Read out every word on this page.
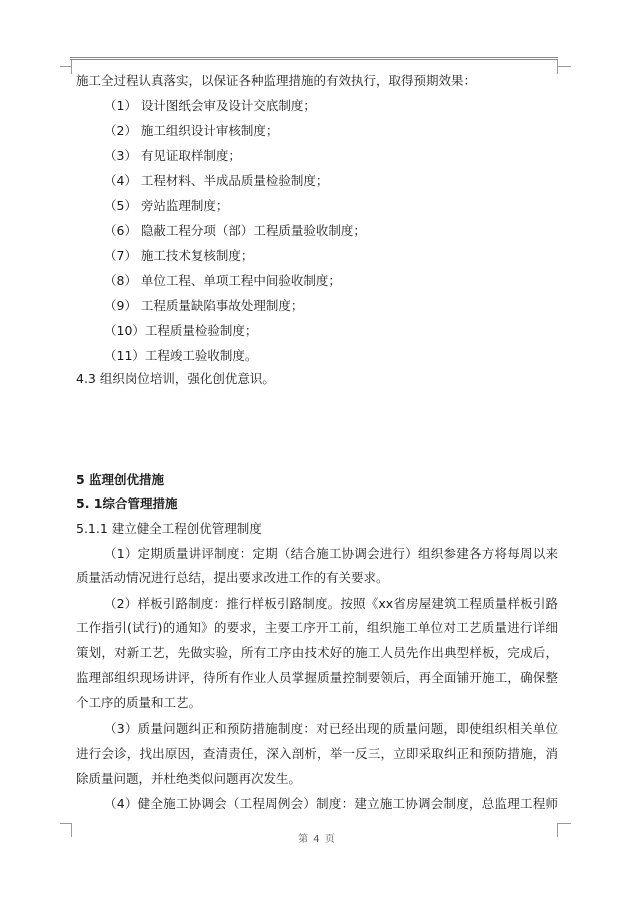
施工全过程认真落实，以保证各种监理措施的有效执行，取得预期效果：
（1） 设计图纸会审及设计交底制度；
（2） 施工组织设计审核制度；
（3） 有见证取样制度；
（4） 工程材料、半成品质量检验制度；
（5） 旁站监理制度；
（6） 隐蔽工程分项（部）工程质量验收制度；
（7） 施工技术复核制度；
（8） 单位工程、单项工程中间验收制度；
（9） 工程质量缺陷事故处理制度；
（10）工程质量检验制度；
（11）工程竣工验收制度。
4.3 组织岗位培训，强化创优意识。
5 监理创优措施
5. 1综合管理措施
5.1.1 建立健全工程创优管理制度
（1）定期质量讲评制度：定期（结合施工协调会进行）组织参建各方将每周以来
质量活动情况进行总结，提出要求改进工作的有关要求。
（2）样板引路制度：推行样板引路制度。按照《xx省房屋建筑工程质量样板引路
工作指引(试行)的通知》的要求，主要工序开工前，组织施工单位对工艺质量进行详细
策划，对新工艺，先做实验，所有工序由技术好的施工人员先作出典型样板，完成后，
监理部组织现场讲评，待所有作业人员掌握质量控制要领后，再全面铺开施工，确保整
个工序的质量和工艺。
（3）质量问题纠正和预防措施制度：对已经出现的质量问题，即使组织相关单位
进行会诊，找出原因，查清责任，深入剖析，举一反三，立即采取纠正和预防措施，消
除质量问题，并杜绝类似问题再次发生。
（4）健全施工协调会（工程周例会）制度：建立施工协调会制度，总监理工程师
第 4 页
